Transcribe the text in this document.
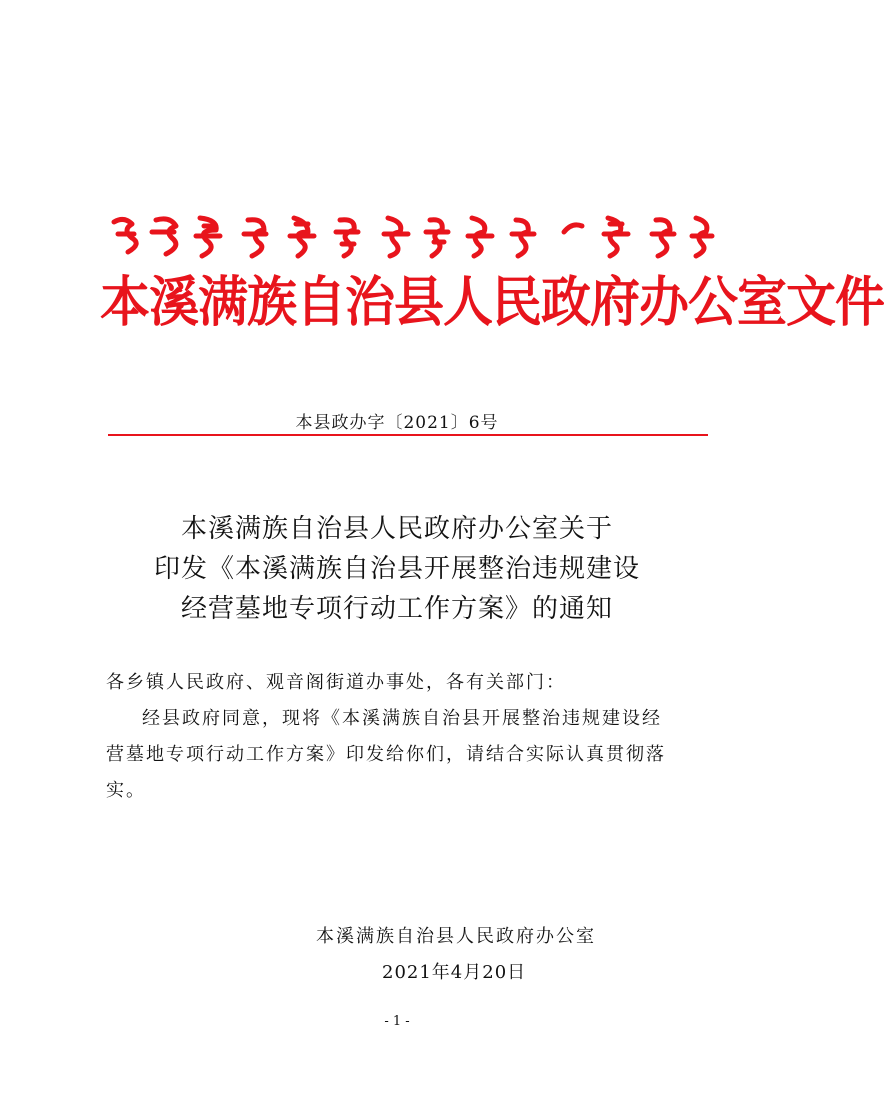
本溪满族自治县人民政府办公室文件
本县政办字〔2021〕6号
本溪满族自治县人民政府办公室关于
印发《本溪满族自治县开展整治违规建设
经营墓地专项行动工作方案》的通知
各乡镇人民政府、观音阁街道办事处，各有关部门：
经县政府同意，现将《本溪满族自治县开展整治违规建设经
营墓地专项行动工作方案》印发给你们，请结合实际认真贯彻落
实。
本溪满族自治县人民政府办公室
2021年4月20日
- 1 -
